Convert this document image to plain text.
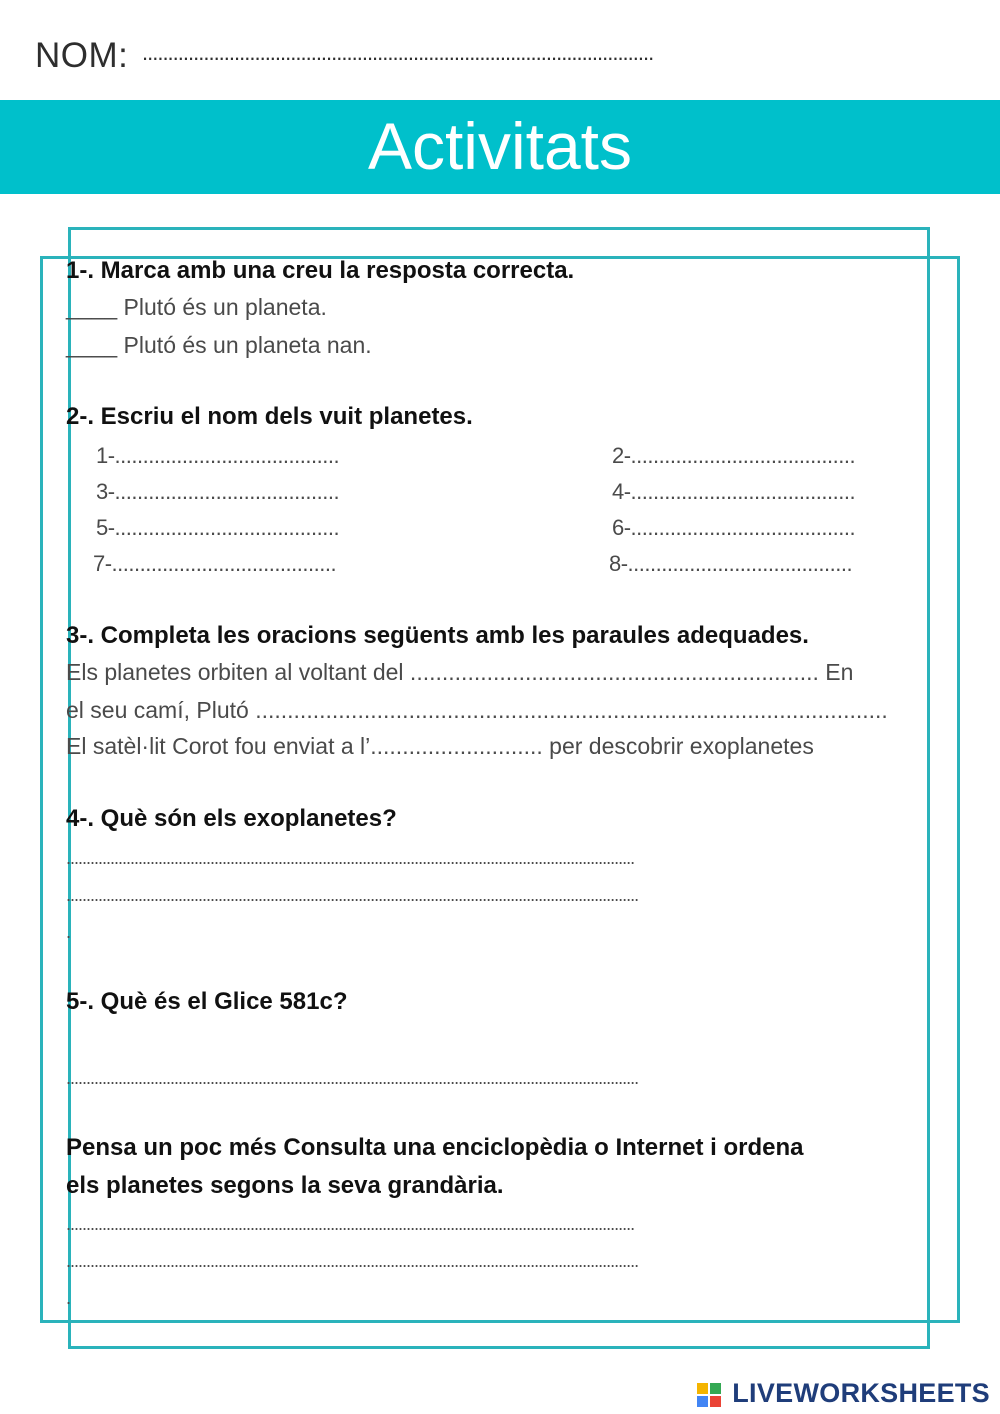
NOM: ....................................................................................................
Activitats
1-. Marca amb una creu la resposta correcta.
____ Plutó és un planeta.
____ Plutó és un planeta nan.
2-. Escriu el nom dels vuit planetes.
1-........................................	2-........................................
3-........................................	4-........................................
5-........................................	6-........................................
7-........................................	8-........................................
3-. Completa les oracions següents amb les paraules adequades.
Els planetes orbiten al voltant del ................................................................ En
el seu camí, Plutó ...................................................................................................
El satèl·lit Corot fou enviat a l’........................... per descobrir exoplanetes
4-. Què són els exoplanetes?
..............................................................................................................................................
...............................................................................................................................................
.
5-. Què és el Glice 581c?
...............................................................................................................................................
Pensa un poc més Consulta una enciclopèdia o Internet i ordena
els planetes segons la seva grandària.
..............................................................................................................................................
...............................................................................................................................................
.
LIVEWORKSHEETS
